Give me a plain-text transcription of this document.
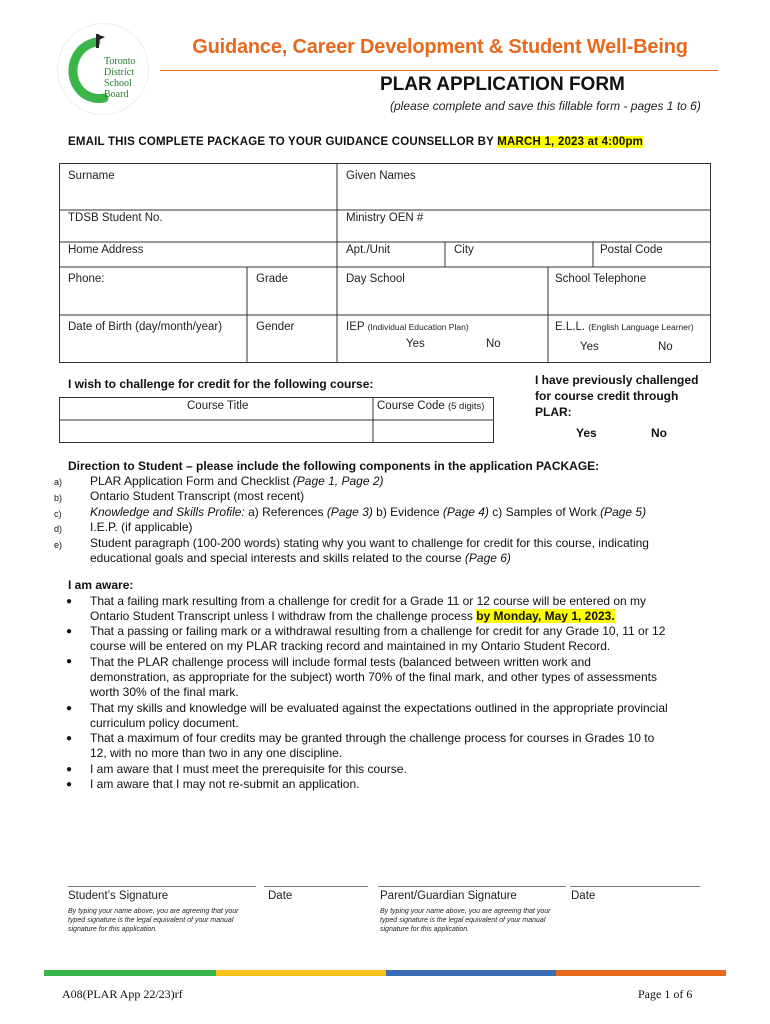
Toronto
District
School
Board
Guidance, Career Development & Student Well-Being
PLAR APPLICATION FORM
(please complete and save this fillable form - pages 1 to 6)
EMAIL THIS COMPLETE PACKAGE TO YOUR GUIDANCE COUNSELLOR BY MARCH 1, 2023 at 4:00pm
Surname	Given Names
TDSB Student No.	Ministry OEN #
Home Address	Apt./Unit	City	Postal Code
Phone:	Grade	Day School	School Telephone
Date of Birth (day/month/year)	Gender	IEP (Individual Education Plan)	E.L.L. (English Language Learner)
Yes	No	Yes	No
I wish to challenge for credit for the following course:
Course Title	Course Code (5 digits)
I have previously challenged for course credit through PLAR:
Yes	No
Direction to Student – please include the following components in the application PACKAGE:
a) PLAR Application Form and Checklist (Page 1, Page 2)
b) Ontario Student Transcript (most recent)
c) Knowledge and Skills Profile: a) References (Page 3) b) Evidence (Page 4) c) Samples of Work (Page 5)
d) I.E.P. (if applicable)
e) Student paragraph (100-200 words) stating why you want to challenge for credit for this course, indicating
educational goals and special interests and skills related to the course (Page 6)
I am aware:
● That a failing mark resulting from a challenge for credit for a Grade 11 or 12 course will be entered on my
Ontario Student Transcript unless I withdraw from the challenge process by Monday, May 1, 2023.
● That a passing or failing mark or a withdrawal resulting from a challenge for credit for any Grade 10, 11 or 12
course will be entered on my PLAR tracking record and maintained in my Ontario Student Record.
● That the PLAR challenge process will include formal tests (balanced between written work and
demonstration, as appropriate for the subject) worth 70% of the final mark, and other types of assessments
worth 30% of the final mark.
● That my skills and knowledge will be evaluated against the expectations outlined in the appropriate provincial
curriculum policy document.
● That a maximum of four credits may be granted through the challenge process for courses in Grades 10 to
12, with no more than two in any one discipline.
● I am aware that I must meet the prerequisite for this course.
● I am aware that I may not re-submit an application.
Student’s Signature	Date	Parent/Guardian Signature	Date
By typing your name above, you are agreeing that your
typed signature is the legal equivalent of your manual
signature for this application.
By typing your name above, you are agreeing that your
typed signature is the legal equivalent of your manual
signature for this application.
A08(PLAR App 22/23)rf	Page 1 of 6
